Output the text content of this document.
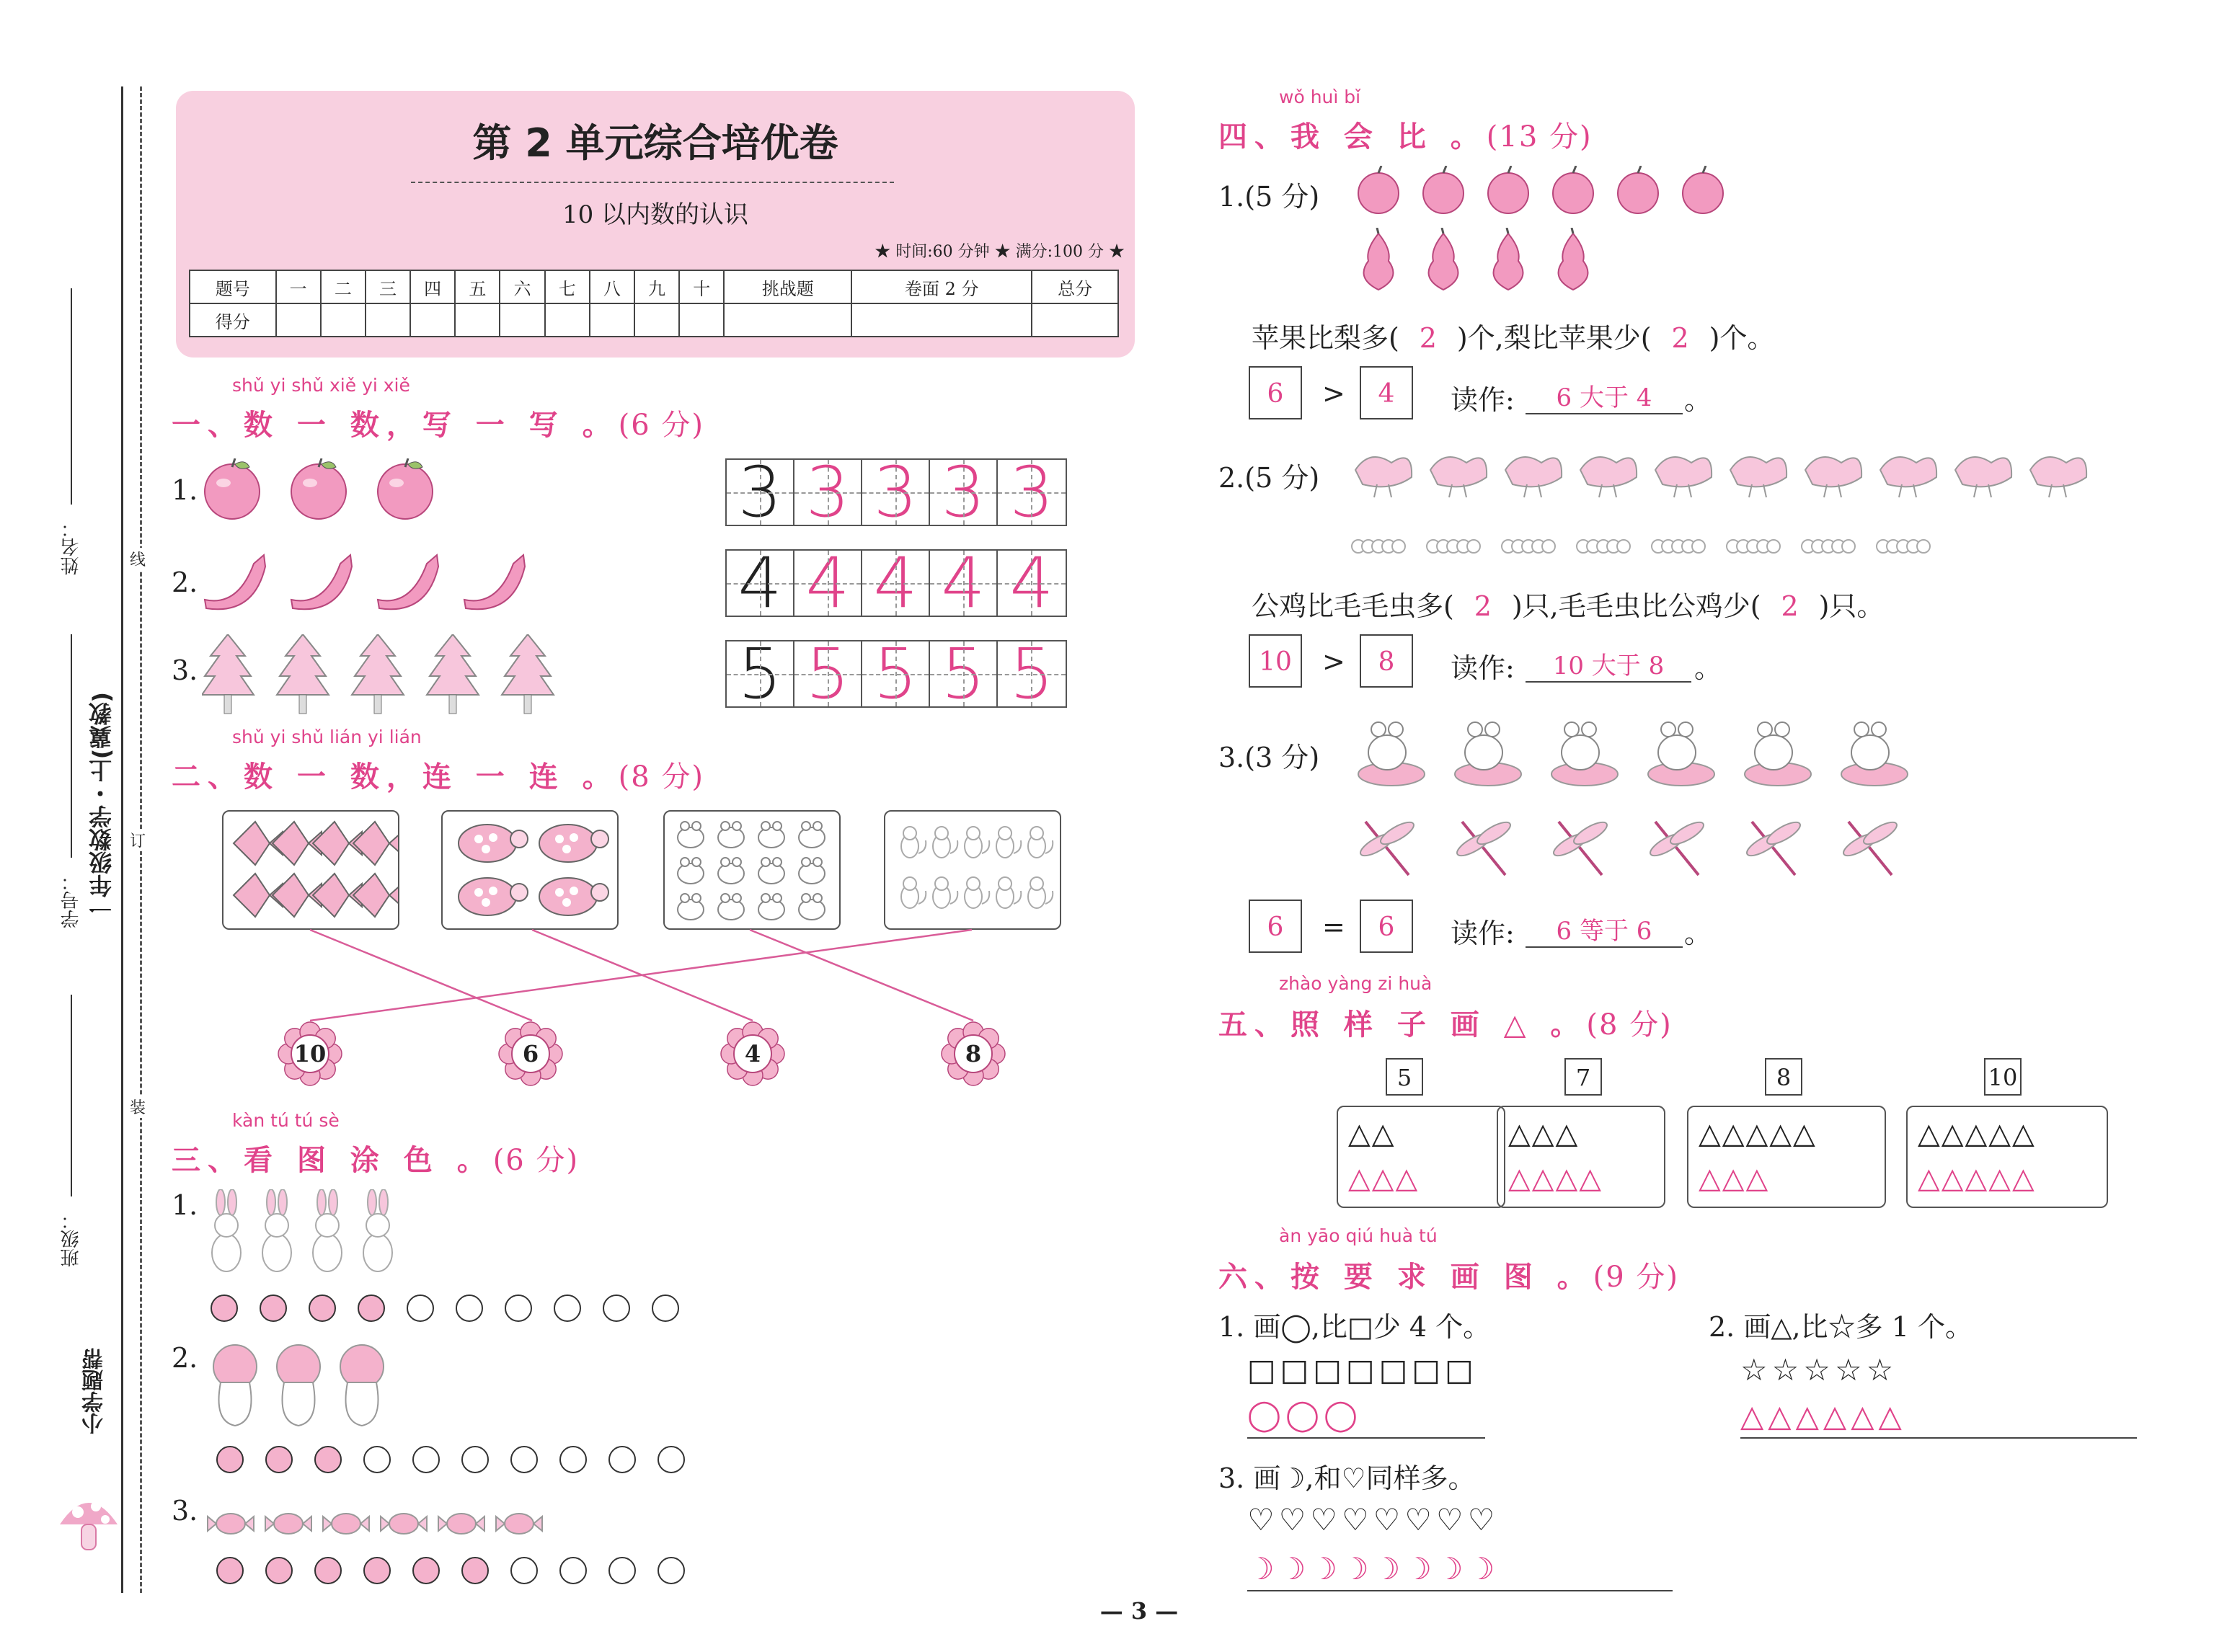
线
订
装
姓名：
学号：
班级：
一年级数学・上(冀教)
小学题帮
第 2 单元综合培优卷
10 以内数的认识
★ 时间:60 分钟 ★ 满分:100 分 ★
题号	一	二	三	四	五	六	七	八	九	十	挑战题	卷面 2 分	总分
得分													
shǔ yi shǔ xiě yi xiě
一、数 一 数，写 一 写 。(6 分)
1.
2.
3.
3 3 3 3 3
4 4 4 4 4
5 5 5 5 5
shǔ yi shǔ lián yi lián
二、数 一 数，连 一 连 。(8 分)
10	6	4	8
kàn tú tú sè
三、看 图 涂 色 。(6 分)
1.
2.
3.
wǒ huì bǐ
四、我 会 比 。(13 分)
1.(5 分)
苹果比梨多( 2 )个,梨比苹果少( 2 )个。
6	>	4	读作:	6 大于 4	。
2.(5 分)
公鸡比毛毛虫多( 2 )只,毛毛虫比公鸡少( 2 )只。
10	>	8	读作:	10 大于 8	。
3.(3 分)
6	=	6	读作:	6 等于 6	。
zhào yàng zi huà
五、照 样 子 画 △ 。(8 分)
5
△△
△△△
7
△△△
△△△△
8
△△△△△
△△△
10
△△△△△
△△△△△
àn yāo qiú huà tú
六、按 要 求 画 图 。(9 分)
1. 画◯,比□少 4 个。
□□□□□□□
◯◯◯
2. 画△,比☆多 1 个。
☆☆☆☆☆
△△△△△△
3. 画☽,和♡同样多。
♡♡♡♡♡♡♡♡
☽☽☽☽☽☽☽☽
— 3 —
